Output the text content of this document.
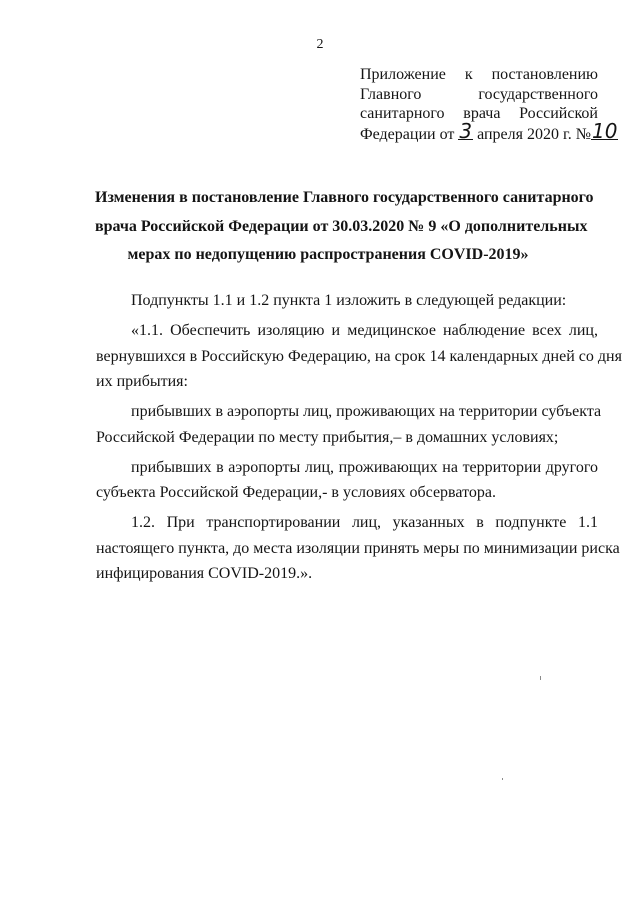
2
Приложение к постановлению
Главного государственного
санитарного врача Российской
Федерации от 3 апреля 2020 г. №10
Изменения в постановление Главного государственного санитарного
врача Российской Федерации от 30.03.2020 № 9 «О дополнительных
мерах по недопущению распространения COVID-2019»
Подпункты 1.1 и 1.2 пункта 1 изложить в следующей редакции:
«1.1. Обеспечить изоляцию и медицинское наблюдение всех лиц,
вернувшихся в Российскую Федерацию, на срок 14 календарных дней со дня
их прибытия:
прибывших в аэропорты лиц, проживающих на территории субъекта
Российской Федерации по месту прибытия,– в домашних условиях;
прибывших в аэропорты лиц, проживающих на территории другого
субъекта Российской Федерации,- в условиях обсерватора.
1.2. При транспортировании лиц, указанных в подпункте 1.1
настоящего пункта, до места изоляции принять меры по минимизации риска
инфицирования COVID-2019.».
